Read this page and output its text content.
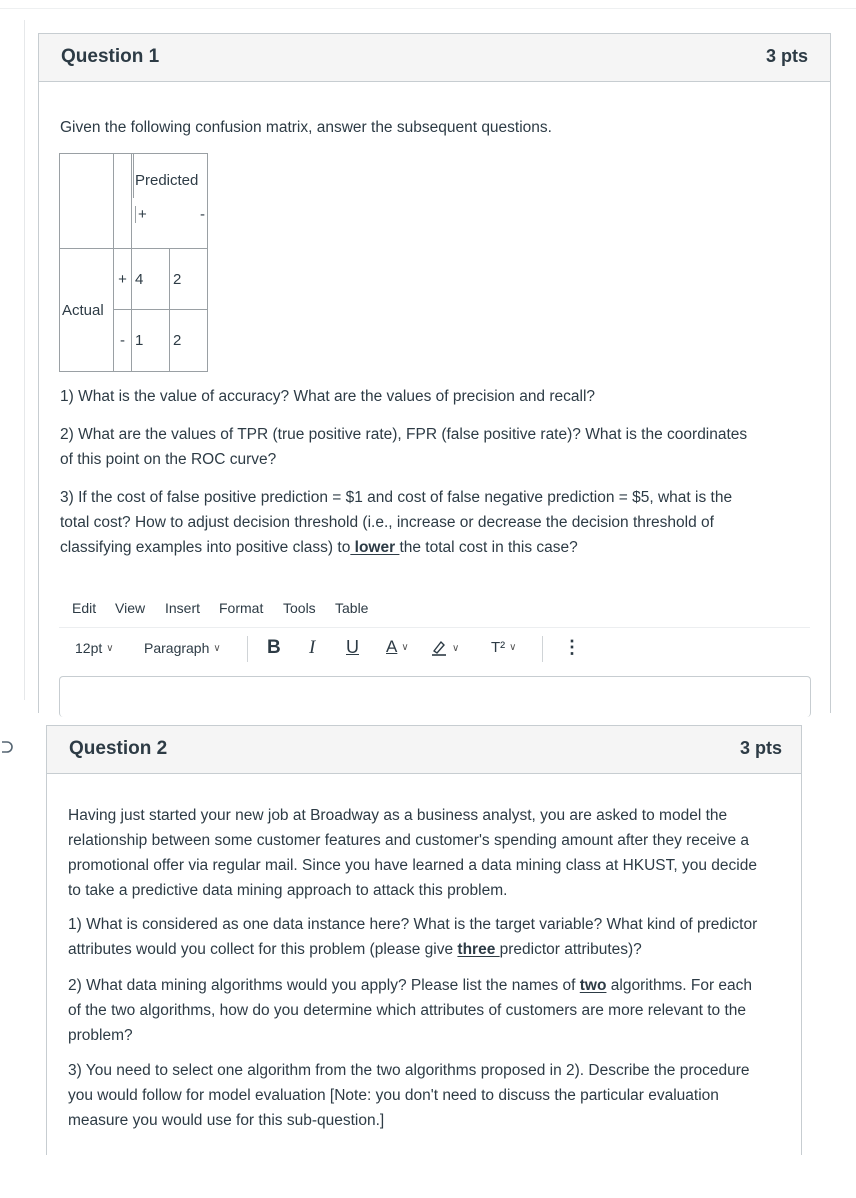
Question 1	3 pts
Given the following confusion matrix, answer the subsequent questions.

		Predicted
+ -	

Actual	+	4	2
	-	1	2

1) What is the value of accuracy? What are the values of precision and recall?

2) What are the values of TPR (true positive rate), FPR (false positive rate)? What is the coordinates

of this point on the ROC curve?

3) If the cost of false positive prediction = $1 and cost of false negative prediction = $5, what is the

total cost? How to adjust decision threshold (i.e., increase or decrease the decision threshold of

classifying examples into positive class) to lower the total cost in this case?

Edit View Insert Format Tools Table
12pt ∨ Paragraph ∨ B I U A ∨	∨ T² ∨	⋮
Question 2	3 pts

Having just started your new job at Broadway as a business analyst, you are asked to model the

relationship between some customer features and customer's spending amount after they receive a

promotional offer via regular mail. Since you have learned a data mining class at HKUST, you decide

to take a predictive data mining approach to attack this problem.

1) What is considered as one data instance here? What is the target variable? What kind of predictor

attributes would you collect for this problem (please give three predictor attributes)?

2) What data mining algorithms would you apply? Please list the names of two algorithms. For each

of the two algorithms, how do you determine which attributes of customers are more relevant to the

problem?

3) You need to select one algorithm from the two algorithms proposed in 2). Describe the procedure

you would follow for model evaluation [Note: you don't need to discuss the particular evaluation

measure you would use for this sub-question.]
